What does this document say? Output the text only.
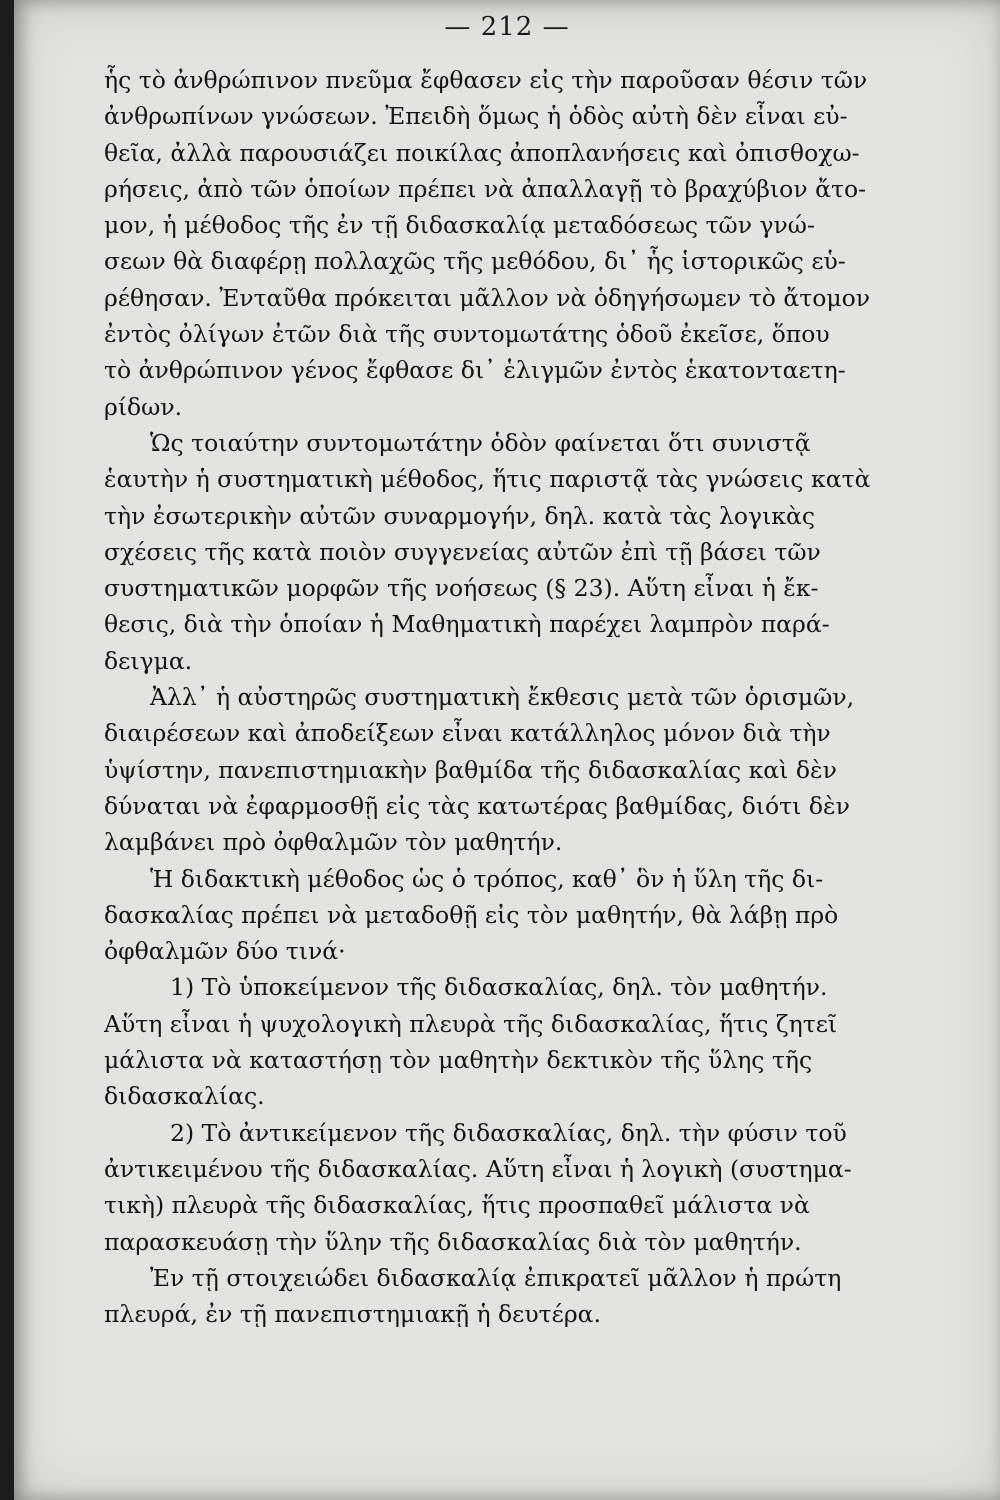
— 212 —

ἧς τὸ ἀνθρώπινον πνεῦμα ἔφθασεν εἰς τὴν παροῦσαν θέσιν τῶν
ἀνθρωπίνων γνώσεων. Ἐπειδὴ ὅμως ἡ ὁδὸς αὐτὴ δὲν εἶναι εὐ-
θεῖα, ἀλλὰ παρουσιάζει ποικίλας ἀποπλανήσεις καὶ ὀπισθοχω-
ρήσεις, ἀπὸ τῶν ὁποίων πρέπει νὰ ἀπαλλαγῇ τὸ βραχύβιον ἄτο-
μον, ἡ μέθοδος τῆς ἐν τῇ διδασκαλίᾳ μεταδόσεως τῶν γνώ-
σεων θὰ διαφέρῃ πολλαχῶς τῆς μεθόδου, δι᾽ ἧς ἱστορικῶς εὑ-
ρέθησαν. Ἐνταῦθα πρόκειται μᾶλλον νὰ ὁδηγήσωμεν τὸ ἄτομον
ἐντὸς ὀλίγων ἐτῶν διὰ τῆς συντομωτάτης ὁδοῦ ἐκεῖσε, ὅπου
τὸ ἀνθρώπινον γένος ἔφθασε δι᾽ ἑλιγμῶν ἐντὸς ἑκατονταετη-
ρίδων.

Ὡς τοιαύτην συντομωτάτην ὁδὸν φαίνεται ὅτι συνιστᾷ
ἑαυτὴν ἡ συστηματικὴ μέθοδος, ἥτις παριστᾷ τὰς γνώσεις κατὰ
τὴν ἐσωτερικὴν αὐτῶν συναρμογήν, δηλ. κατὰ τὰς λογικὰς
σχέσεις τῆς κατὰ ποιὸν συγγενείας αὐτῶν ἐπὶ τῇ βάσει τῶν
συστηματικῶν μορφῶν τῆς νοήσεως (§ 23). Αὕτη εἶναι ἡ ἔκ-
θεσις, διὰ τὴν ὁποίαν ἡ Μαθηματικὴ παρέχει λαμπρὸν παρά-
δειγμα.

Ἀλλ᾽ ἡ αὐστηρῶς συστηματικὴ ἔκθεσις μετὰ τῶν ὁρισμῶν,
διαιρέσεων καὶ ἀποδείξεων εἶναι κατάλληλος μόνον διὰ τὴν
ὑψίστην, πανεπιστημιακὴν βαθμίδα τῆς διδασκαλίας καὶ δὲν
δύναται νὰ ἐφαρμοσθῇ εἰς τὰς κατωτέρας βαθμίδας, διότι δὲν
λαμβάνει πρὸ ὀφθαλμῶν τὸν μαθητήν.

Ἡ διδακτικὴ μέθοδος ὡς ὁ τρόπος, καθ᾽ ὃν ἡ ὕλη τῆς δι-
δασκαλίας πρέπει νὰ μεταδοθῇ εἰς τὸν μαθητήν, θὰ λάβῃ πρὸ
ὀφθαλμῶν δύο τινά·

1) Τὸ ὑποκείμενον τῆς διδασκαλίας, δηλ. τὸν μαθητήν.
Αὕτη εἶναι ἡ ψυχολογικὴ πλευρὰ τῆς διδασκαλίας, ἥτις ζητεῖ
μάλιστα νὰ καταστήσῃ τὸν μαθητὴν δεκτικὸν τῆς ὕλης τῆς
διδασκαλίας.

2) Τὸ ἀντικείμενον τῆς διδασκαλίας, δηλ. τὴν φύσιν τοῦ
ἀντικειμένου τῆς διδασκαλίας. Αὕτη εἶναι ἡ λογικὴ (συστημα-
τικὴ) πλευρὰ τῆς διδασκαλίας, ἥτις προσπαθεῖ μάλιστα νὰ
παρασκευάσῃ τὴν ὕλην τῆς διδασκαλίας διὰ τὸν μαθητήν.

Ἐν τῇ στοιχειώδει διδασκαλίᾳ ἐπικρατεῖ μᾶλλον ἡ πρώτη
πλευρά, ἐν τῇ πανεπιστημιακῇ ἡ δευτέρα.
